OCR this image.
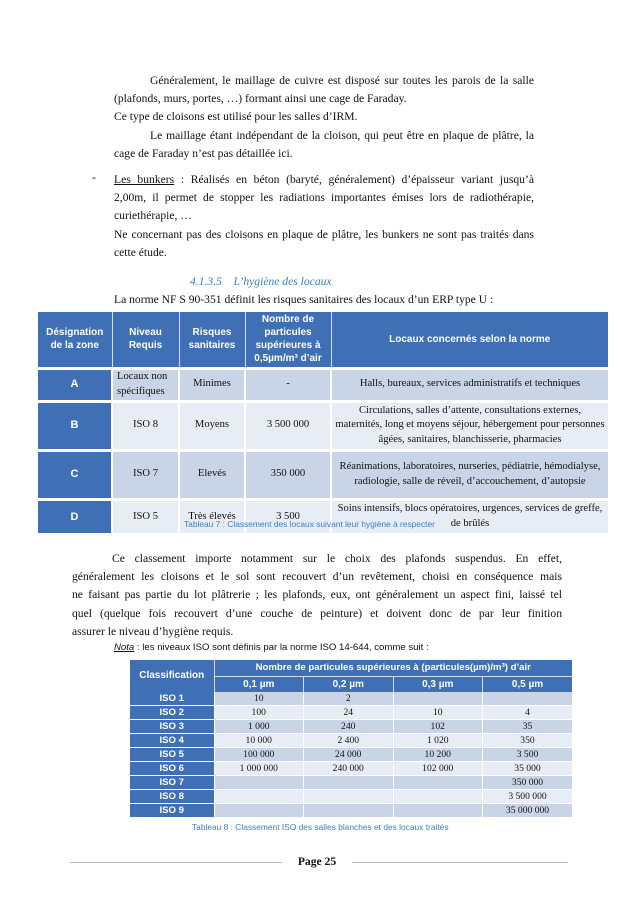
Généralement, le maillage de cuivre est disposé sur toutes les parois de la salle

(plafonds, murs, portes, …) formant ainsi une cage de Faraday.

Ce type de cloisons est utilisé pour les salles d’IRM.

Le maillage étant indépendant de la cloison, qui peut être en plaque de plâtre, la

cage de Faraday n’est pas détaillée ici.

- Les bunkers : Réalisés en béton (baryté, généralement) d’épaisseur variant jusqu’à

2,00m, il permet de stopper les radiations importantes émises lors de radiothérapie,

curiethérapie, …

Ne concernant pas des cloisons en plaque de plâtre, les bunkers ne sont pas traités dans

cette étude.

4.1.3.5    L’hygiène des locaux
La norme NF S 90-351 définit les risques sanitaires des locaux d’un ERP type U :
Désignation
de la zone	Niveau
Requis	Risques
sanitaires	Nombre de
particules
supérieures à
0,5µm/m³ d’air	Locaux concernés selon la norme
A	Locaux non spécifiques	Minimes	-	Halls, bureaux, services administratifs et techniques
B	ISO 8	Moyens	3 500 000	Circulations, salles d’attente, consultations externes, maternités, long et moyens séjour, hébergement pour personnes âgées, sanitaires, blanchisserie, pharmacies
C	ISO 7	Elevés	350 000	Réanimations, laboratoires, nurseries, pédiatrie, hémodialyse, radiologie, salle de réveil, d’accouchement, d’autopsie
D	ISO 5	Très élevés	3 500	Soins intensifs, blocs opératoires, urgences, services de greffe, de brûlés
Tableau 7 : Classement des locaux suivant leur hygiène à respecter

Ce classement importe notamment sur le choix des plafonds suspendus. En effet,

généralement les cloisons et le sol sont recouvert d’un revêtement, choisi en conséquence mais

ne faisant pas partie du lot plâtrerie ; les plafonds, eux, ont généralement un aspect fini, laissé tel

quel (quelque fois recouvert d’une couche de peinture) et doivent donc de par leur finition

assurer le niveau d’hygiène requis.

Nota : les niveaux ISO sont définis par la norme ISO 14-644, comme suit :
Classification	Nombre de particules supérieures à (particules(µm)/m³) d’air			
	0,1 µm	0,2 µm	0,3 µm	0,5 µm
ISO 1	10	2		
ISO 2	100	24	10	4
ISO 3	1 000	240	102	35
ISO 4	10 000	2 400	1 020	350
ISO 5	100 000	24 000	10 200	3 500
ISO 6	1 000 000	240 000	102 000	35 000
ISO 7				350 000
ISO 8				3 500 000
ISO 9				35 000 000
Tableau 8 : Classement ISO des salles blanches et des locaux traités
Page 25
